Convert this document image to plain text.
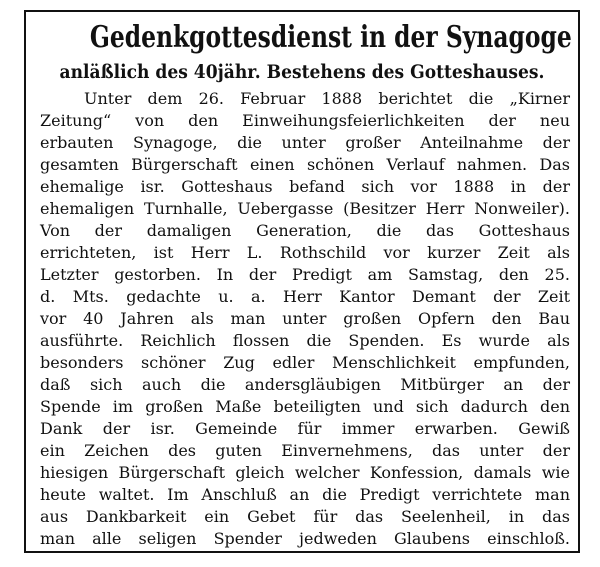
Gedenkgottesdienst in der Synagoge
anläßlich des 40jähr. Bestehens des Gotteshauses.
Unter dem 26. Februar 1888 berichtet die „Kirner
Zeitung“ von den Einweihungsfeierlichkeiten der neu
erbauten Synagoge, die unter großer Anteilnahme der
gesamten Bürgerschaft einen schönen Verlauf nahmen. Das
ehemalige isr. Gotteshaus befand sich vor 1888 in der
ehemaligen Turnhalle, Uebergasse (Besitzer Herr Nonweiler).
Von der damaligen Generation, die das Gotteshaus
errichteten, ist Herr L. Rothschild vor kurzer Zeit als
Letzter gestorben. In der Predigt am Samstag, den 25.
d. Mts. gedachte u. a. Herr Kantor Demant der Zeit
vor 40 Jahren als man unter großen Opfern den Bau
ausführte. Reichlich flossen die Spenden. Es wurde als
besonders schöner Zug edler Menschlichkeit empfunden,
daß sich auch die andersgläubigen Mitbürger an der
Spende im großen Maße beteiligten und sich dadurch den
Dank der isr. Gemeinde für immer erwarben. Gewiß
ein Zeichen des guten Einvernehmens, das unter der
hiesigen Bürgerschaft gleich welcher Konfession, damals wie
heute waltet. Im Anschluß an die Predigt verrichtete man
aus Dankbarkeit ein Gebet für das Seelenheil, in das
man alle seligen Spender jedweden Glaubens einschloß.
